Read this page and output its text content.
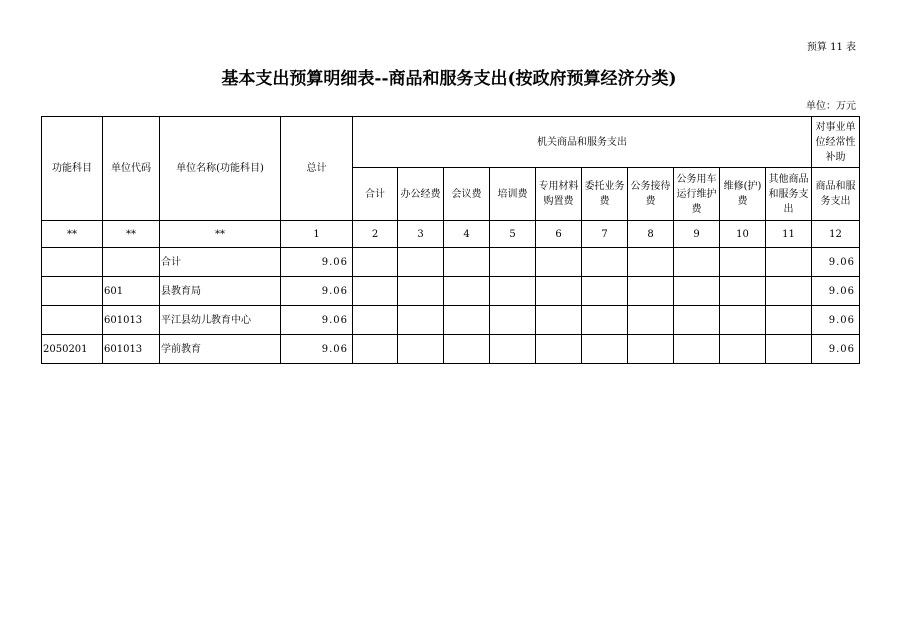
预算 11 表
基本支出预算明细表--商品和服务支出(按政府预算经济分类)
单位：万元
功能科目	单位代码	单位名称(功能科目)	总计	机关商品和服务支出										对事业单位经常性补助
				合计	办公经费	会议费	培训费	专用材料购置费	委托业务费	公务接待费	公务用车运行维护费	维修(护)费	其他商品和服务支出	商品和服务支出
**	**	**	1	2	3	4	5	6	7	8	9	10	11	12
		合计	9.06											9.06
	601	县教育局	9.06											9.06
	601013	平江县幼儿教育中心	9.06											9.06
2050201	601013	学前教育	9.06											9.06
